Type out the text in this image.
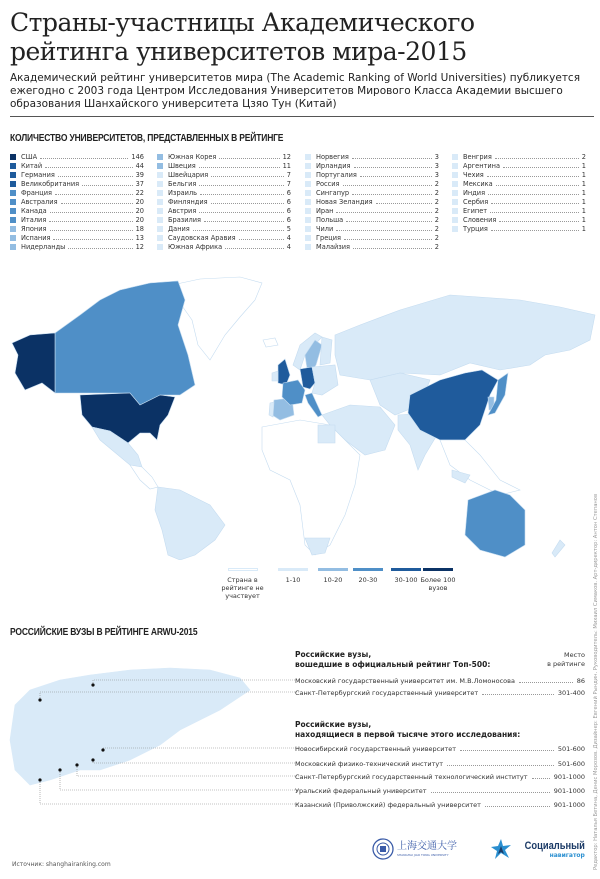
Страны-участницы Академического рейтинга университетов мира-2015
Академический рейтинг университетов мира (The Academic Ranking of World Universities) публикуется ежегодно с 2003 года Центром Исследования Университетов Мирового Класса Академии высшего образования Шанхайского университета Цзяо Тун (Китай)
КОЛИЧЕСТВО УНИВЕРСИТЕТОВ, ПРЕДСТАВЛЕННЫХ В РЕЙТИНГЕ
США	146
Китай	44
Германия	39
Великобритания	37
Франция	22
Австралия	20
Канада	20
Италия	20
Япония	18
Испания	13
Нидерланды	12
Южная Корея	12
Швеция	11
Швейцария	7
Бельгия	7
Израиль	6
Финляндия	6
Австрия	6
Бразилия	6
Дания	5
Саудовская Аравия	4
Южная Африка	4
Норвегия	3
Ирландия	3
Португалия	3
Россия	2
Сингапур	2
Новая Зеландия	2
Иран	2
Польша	2
Чили	2
Греция	2
Малайзия	2
Венгрия	2
Аргентина	1
Чехия	1
Мексика	1
Индия	1
Сербия	1
Египет	1
Словения	1
Турция	1
Страна в рейтинге не участвует
1-10	10-20	20-30	30-100 Более 100 вузов
РОССИЙСКИЕ ВУЗЫ В РЕЙТИНГЕ ARWU-2015
Российские вузы,
вошедшие в официальный рейтинг Топ-500:
Место
в рейтинге
Российские вузы,
находящиеся в первой тысяче этого исследования:
Московский государственный университет им. М.В.Ломоносова	86
Санкт-Петербургский государственный университет	301-400
Новосибирский государственный университет	501-600
Московский физико-технический институт	501-600
Санкт-Петербургский государственный технологический институт	901-1000
Уральский федеральный университет	901-1000
Казанский (Приволжский) федеральный университет	901-1000
Источник: shanghairanking.com	Редактор: Наталья Бетина, Денис Морозов. Дизайнер: Евгений Рындин. Руководитель: Михаил Симаков. Арт-директор: Антон Степанов
上海交通大学
SHANGHAI JIAO TONG UNIVERSITY
Социальный
навигатор
